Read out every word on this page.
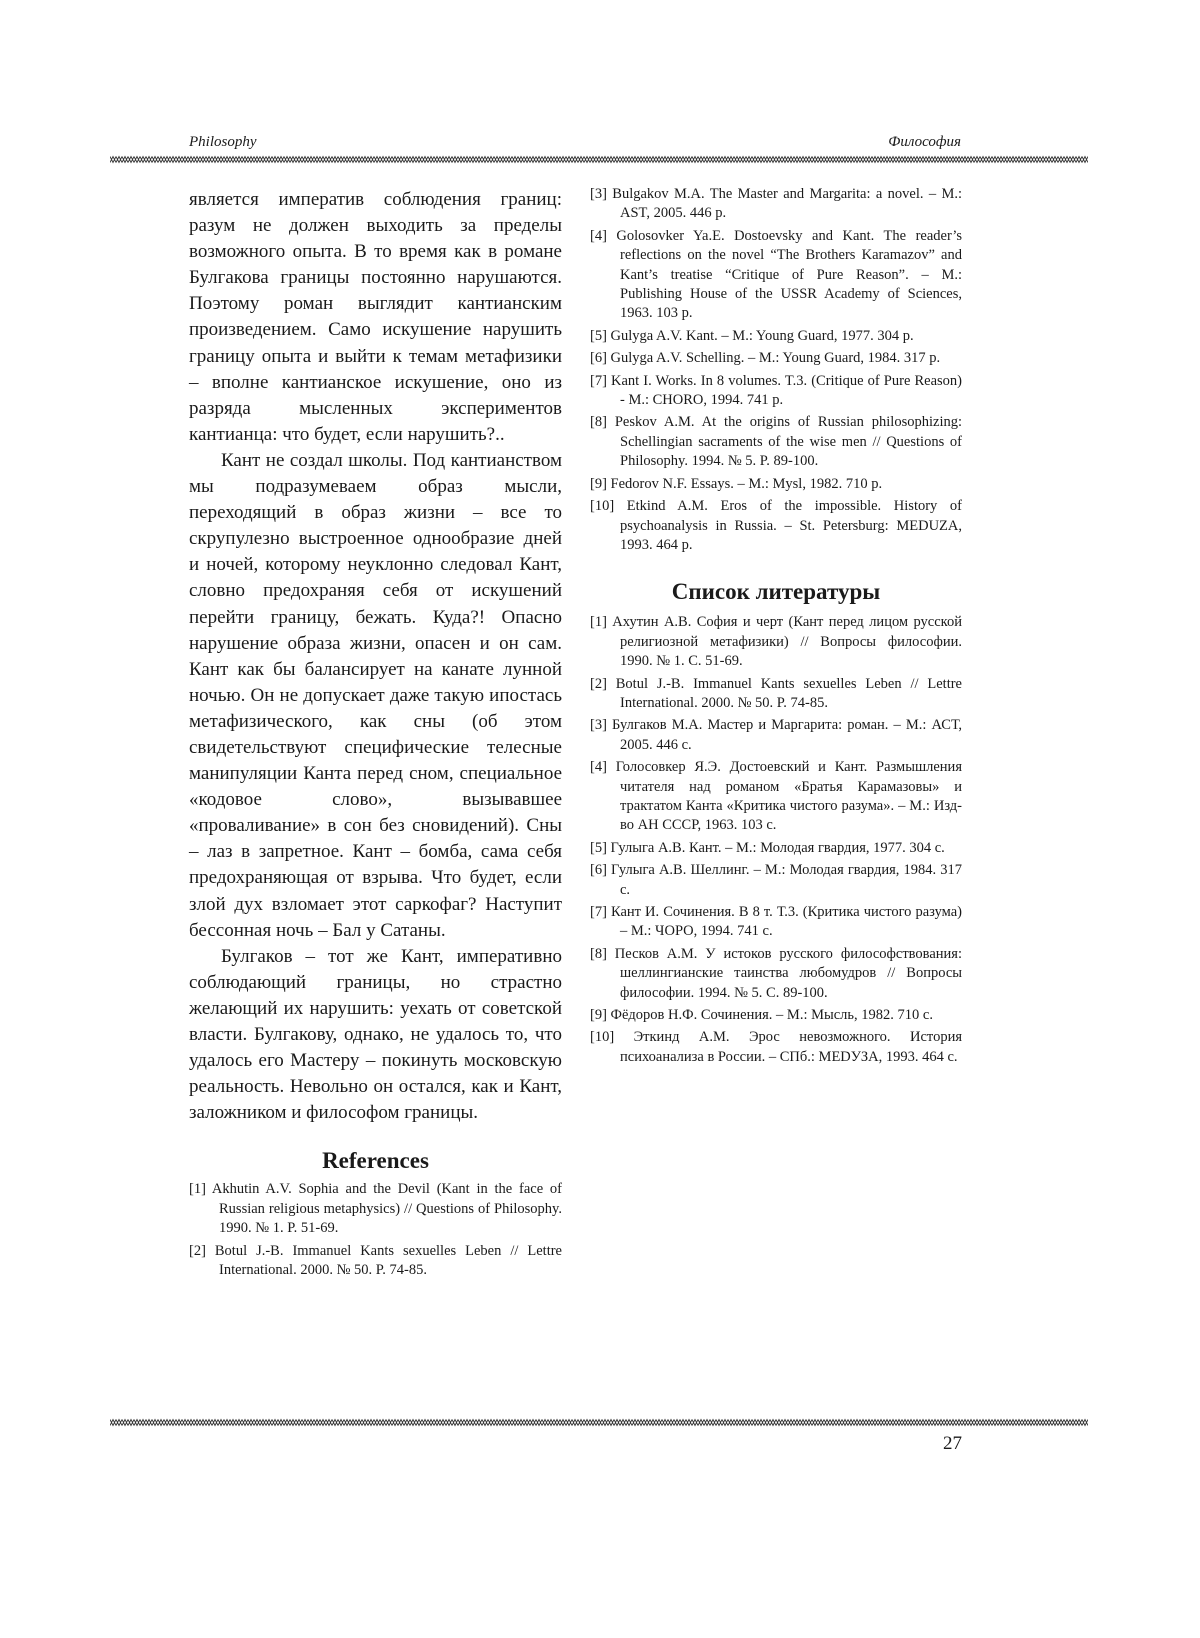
Philosophy	Философия

является императив соблюдения границ: разум не должен выходить за пределы возможного опыта. В то время как в романе Булгакова границы постоянно нарушаются. Поэтому роман выглядит кантианским произведением. Само искушение нарушить границу опыта и выйти к темам метафизики – вполне кантианское искушение, оно из разряда мысленных экспериментов кантианца: что будет, если нарушить?..

Кант не создал школы. Под кантианством мы подразумеваем образ мысли, переходящий в образ жизни – все то скрупулезно выстроенное однообразие дней и ночей, которому неуклонно следовал Кант, словно предохраняя себя от искушений перейти границу, бежать. Куда?! Опасно нарушение образа жизни, опасен и он сам. Кант как бы балансирует на канате лунной ночью. Он не допускает даже такую ипостась метафизического, как сны (об этом свидетельствуют специфические телесные манипуляции Канта перед сном, специальное «кодовое слово», вызывавшее «проваливание» в сон без сновидений). Сны – лаз в запретное. Кант – бомба, сама себя предохраняющая от взрыва. Что будет, если злой дух взломает этот саркофаг? Наступит бессонная ночь – Бал у Сатаны.

Булгаков – тот же Кант, императивно соблюдающий границы, но страстно желающий их нарушить: уехать от советской власти. Булгакову, однако, не удалось то, что удалось его Мастеру – покинуть московскую реальность. Невольно он остался, как и Кант, заложником и философом границы.

References
[1] Akhutin A.V. Sophia and the Devil (Kant in the face of Russian religious metaphysics) // Questions of Philosophy. 1990. № 1. P. 51-69.
[2] Botul J.-B. Immanuel Kants sexuelles Leben // Lettre International. 2000. № 50. P. 74-85.
[3] Bulgakov M.A. The Master and Margarita: a novel. – M.: AST, 2005. 446 p.
[4] Golosovker Ya.E. Dostoevsky and Kant. The reader’s reflections on the novel “The Brothers Karamazov” and Kant’s treatise “Critique of Pure Reason”. – M.: Publishing House of the USSR Academy of Sciences, 1963. 103 p.
[5] Gulyga A.V. Kant. – M.: Young Guard, 1977. 304 p.
[6] Gulyga A.V. Schelling. – M.: Young Guard, 1984. 317 p.
[7] Kant I. Works. In 8 volumes. T.3. (Critique of Pure Reason) - M.: CHORO, 1994. 741 p.
[8] Peskov A.M. At the origins of Russian philosophizing: Schellingian sacraments of the wise men // Questions of Philosophy. 1994. № 5. P. 89-100.
[9] Fedorov N.F. Essays. – M.: Mysl, 1982. 710 p.
[10] Etkind A.M. Eros of the impossible. History of psychoanalysis in Russia. – St. Petersburg: MEDUZA, 1993. 464 p.
Список литературы
[1] Ахутин А.В. София и черт (Кант перед лицом русской религиозной метафизики) // Вопросы философии. 1990. № 1. С. 51-69.
[2] Botul J.-B. Immanuel Kants sexuelles Leben // Lettre International. 2000. № 50. P. 74-85.
[3] Булгаков М.А. Мастер и Маргарита: роман. – М.: АСТ, 2005. 446 с.
[4] Голосовкер Я.Э. Достоевский и Кант. Размышления читателя над романом «Братья Карамазовы» и трактатом Канта «Критика чистого разума». – М.: Изд-во АН СССР, 1963. 103 с.
[5] Гулыга А.В. Кант. – М.: Молодая гвардия, 1977. 304 с.
[6] Гулыга А.В. Шеллинг. – М.: Молодая гвардия, 1984. 317 с.
[7] Кант И. Сочинения. В 8 т. Т.3. (Критика чистого разума) – М.: ЧОРО, 1994. 741 с.
[8] Песков А.М. У истоков русского философствования: шеллингианские таинства любомудров // Вопросы философии. 1994. № 5. С. 89-100.
[9] Фёдоров Н.Ф. Сочинения. – М.: Мысль, 1982. 710 с.
[10] Эткинд А.М. Эрос невозможного. История психоанализа в России. – СПб.: MEDУЗА, 1993. 464 с.
27
